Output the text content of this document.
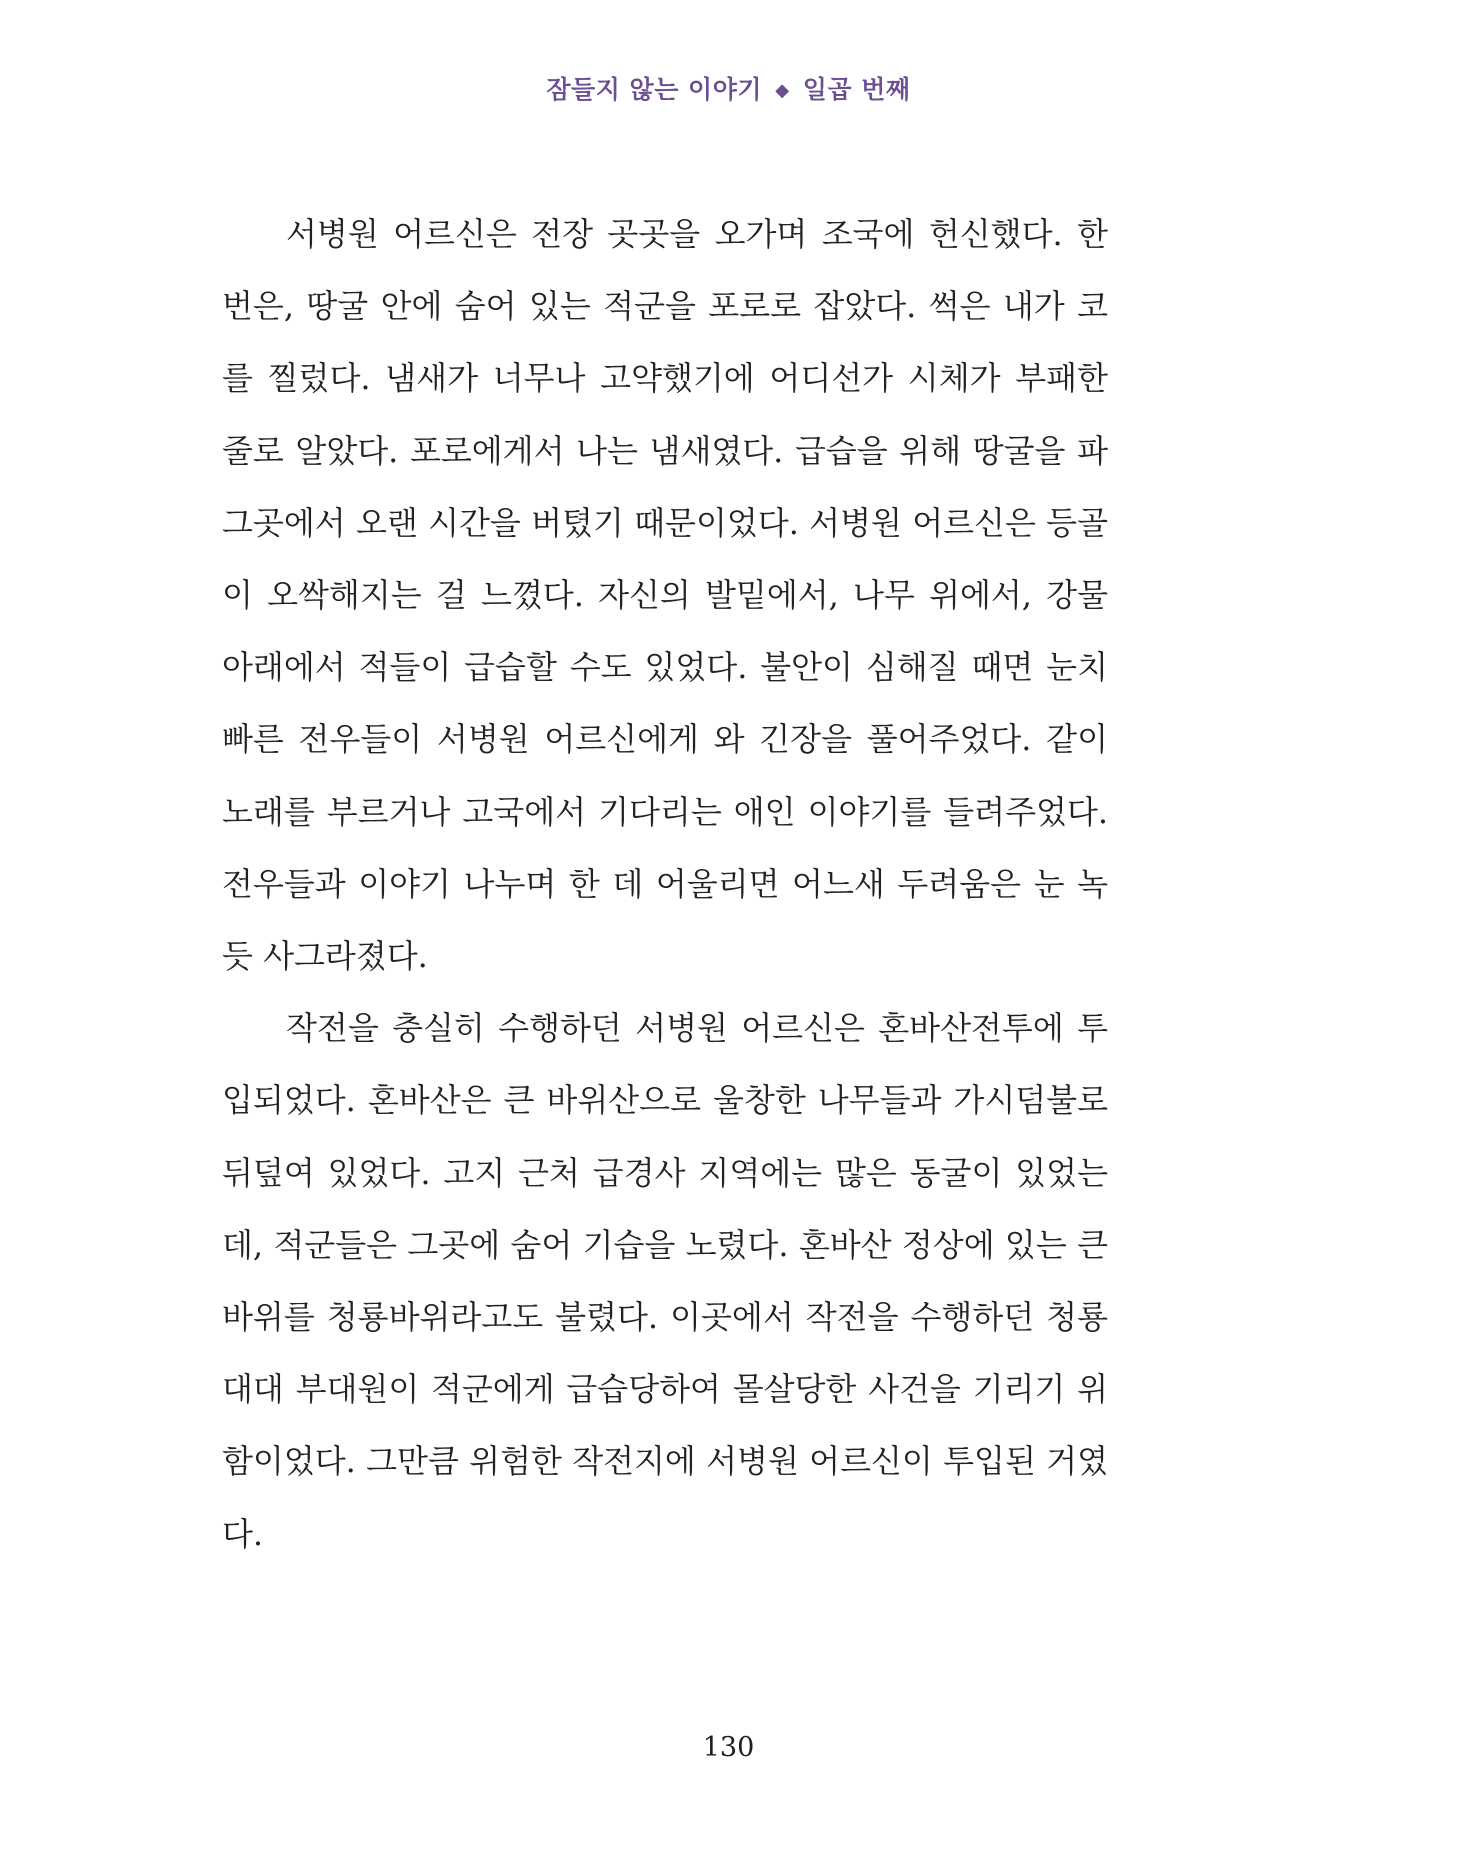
잠들지 않는 이야기 ◆ 일곱 번째

서병원 어르신은 전장 곳곳을 오가며 조국에 헌신했다. 한 번은, 땅굴 안에 숨어 있는 적군을 포로로 잡았다. 썩은 내가 코를 찔렀다. 냄새가 너무나 고약했기에 어디선가 시체가 부패한 줄로 알았다. 포로에게서 나는 냄새였다. 급습을 위해 땅굴을 파 그곳에서 오랜 시간을 버텼기 때문이었다. 서병원 어르신은 등골이 오싹해지는 걸 느꼈다. 자신의 발밑에서, 나무 위에서, 강물 아래에서 적들이 급습할 수도 있었다. 불안이 심해질 때면 눈치 빠른 전우들이 서병원 어르신에게 와 긴장을 풀어주었다. 같이 노래를 부르거나 고국에서 기다리는 애인 이야기를 들려주었다. 전우들과 이야기 나누며 한 데 어울리면 어느새 두려움은 눈 녹듯 사그라졌다.

작전을 충실히 수행하던 서병원 어르신은 혼바산전투에 투입되었다. 혼바산은 큰 바위산으로 울창한 나무들과 가시덤불로 뒤덮여 있었다. 고지 근처 급경사 지역에는 많은 동굴이 있었는데, 적군들은 그곳에 숨어 기습을 노렸다. 혼바산 정상에 있는 큰 바위를 청룡바위라고도 불렸다. 이곳에서 작전을 수행하던 청룡대대 부대원이 적군에게 급습당하여 몰살당한 사건을 기리기 위함이었다. 그만큼 위험한 작전지에 서병원 어르신이 투입된 거였다.

130
